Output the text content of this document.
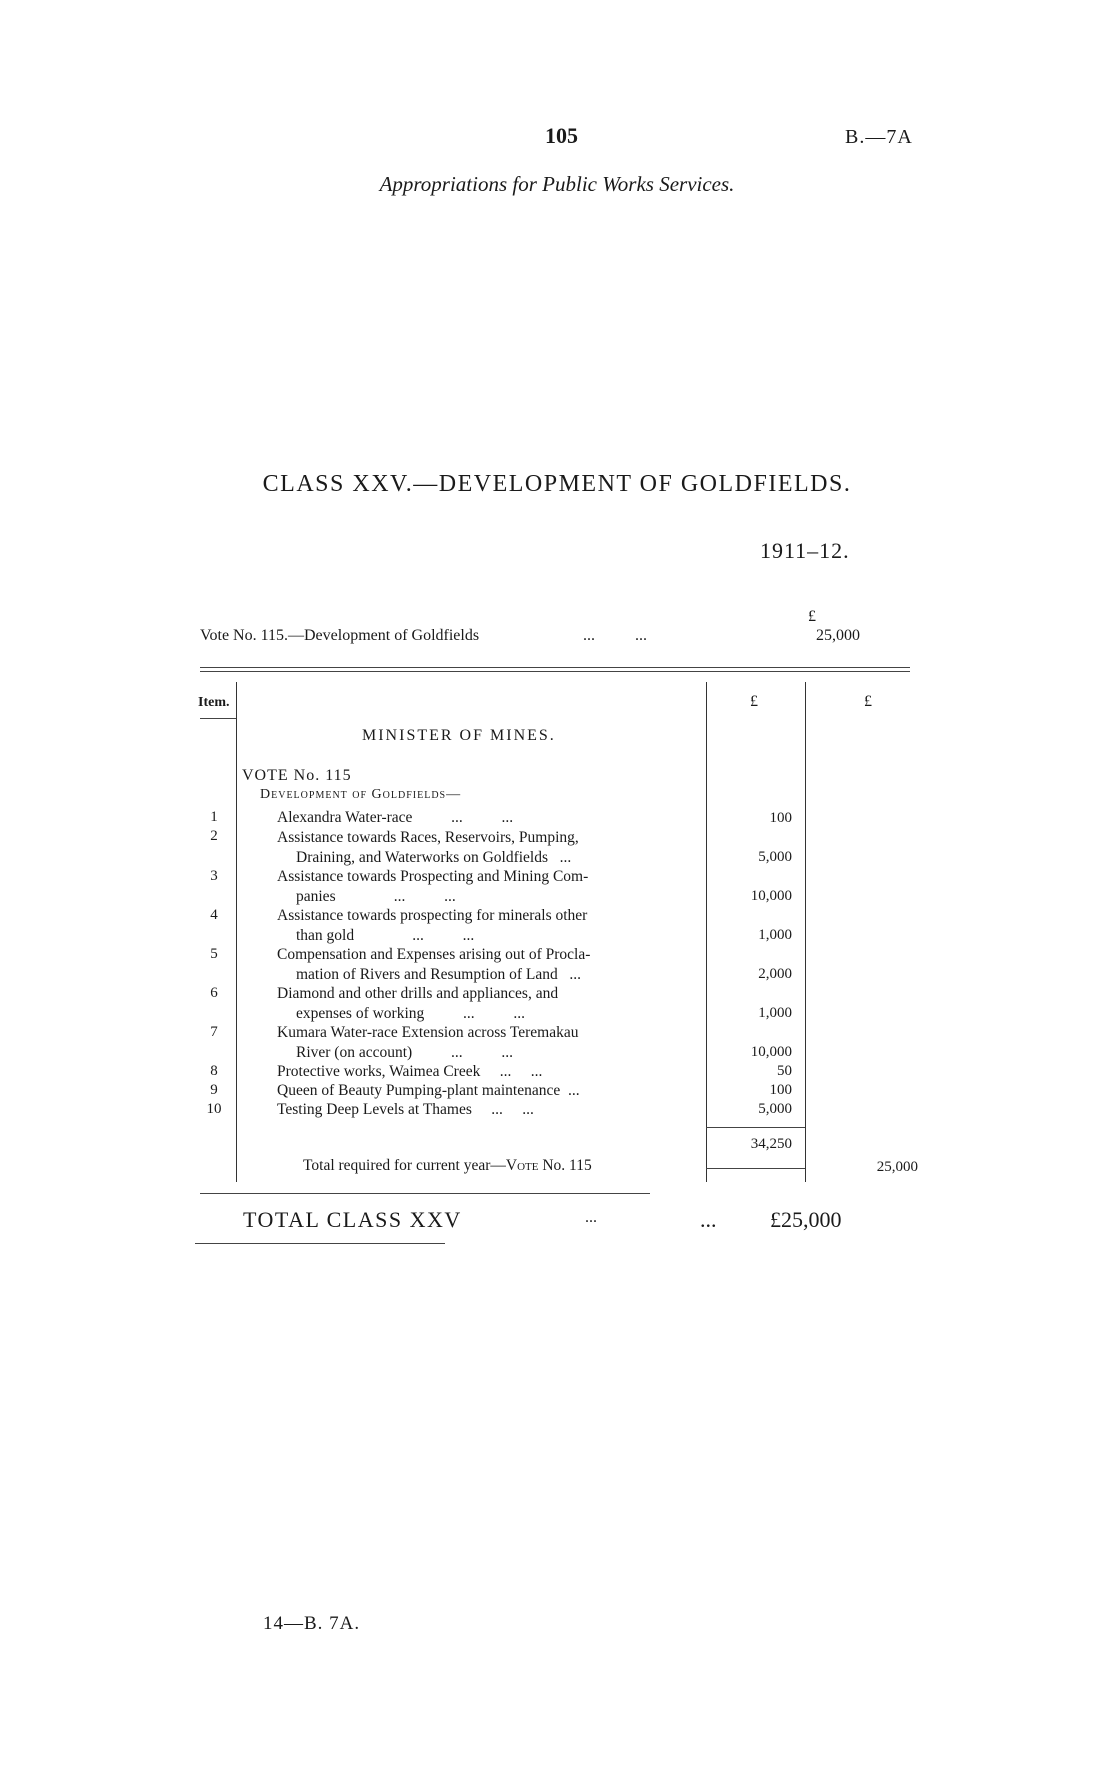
105	B.—7A
Appropriations for Public Works Services.
CLASS XXV.—DEVELOPMENT OF GOLDFIELDS.
1911–12.
£
Vote No. 115.—Development of Goldfields	...          ...	25,000
Item.	£	£
MINISTER OF MINES.
VOTE No. 115
Development of Goldfields—
1	Alexandra Water-race          ...          ...	100
2	Assistance towards Races, Reservoirs, Pumping,
Draining, and Waterworks on Goldfields   ...	5,000
3	Assistance towards Prospecting and Mining Com-
panies               ...          ...	10,000
4	Assistance towards prospecting for minerals other
than gold               ...          ...	1,000
5	Compensation and Expenses arising out of Procla-
mation of Rivers and Resumption of Land   ...	2,000
6	Diamond and other drills and appliances, and
expenses of working          ...          ...	1,000
7	Kumara Water-race Extension across Teremakau
River (on account)          ...          ...	10,000
8	Protective works, Waimea Creek     ...     ...	50
9	Queen of Beauty Pumping-plant maintenance  ...	100
10	Testing Deep Levels at Thames     ...     ...	5,000
34,250
Total required for current year—Vote No. 115	25,000
TOTAL CLASS XXV	...	... £25,000
14—B. 7A.
